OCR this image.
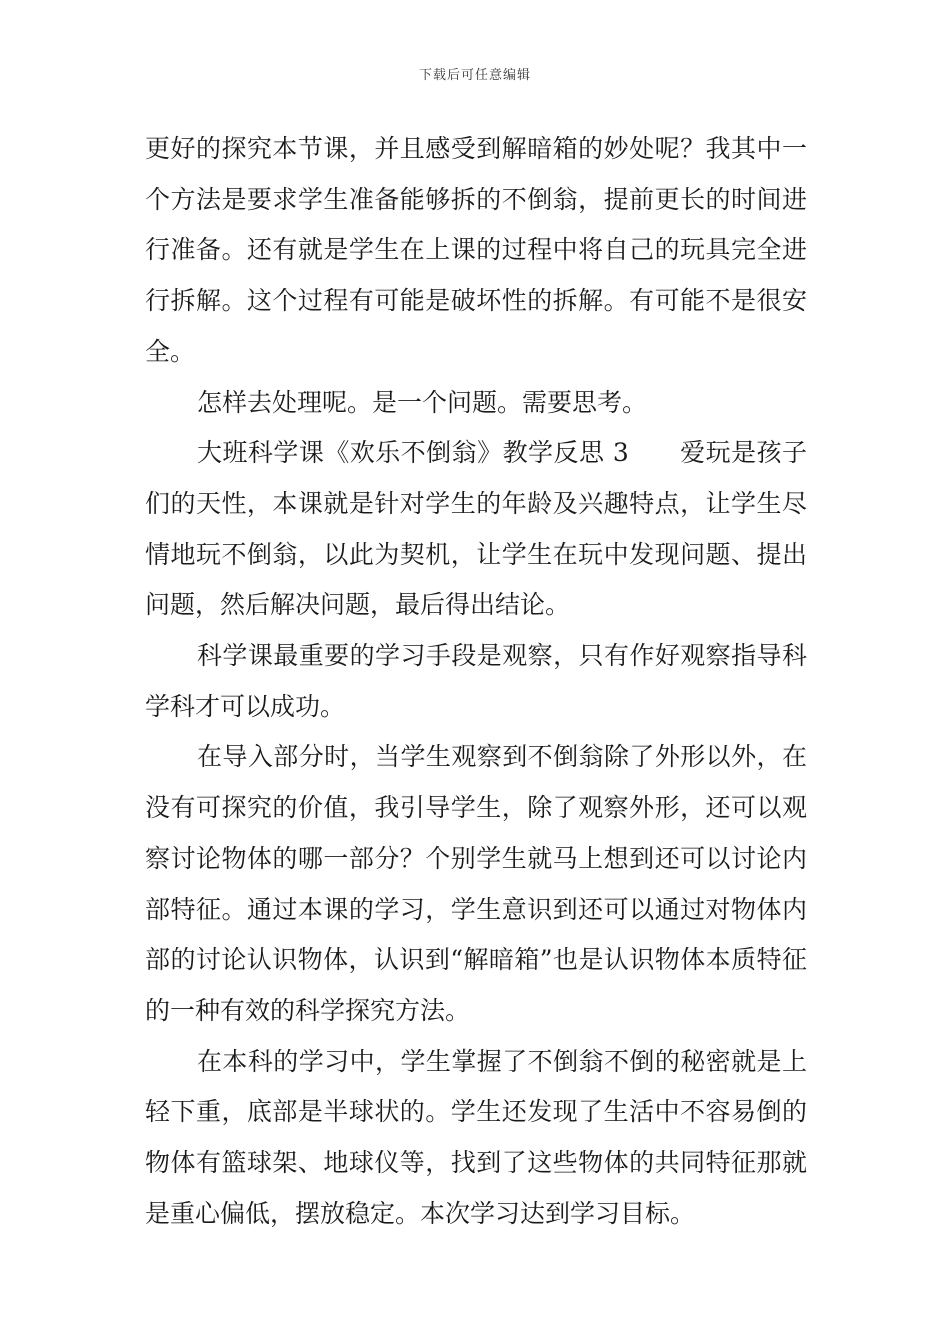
下载后可任意编辑

更好的探究本节课，并且感受到解暗箱的妙处呢？我其中一个方法是要求学生准备能够拆的不倒翁，提前更长的时间进行准备。还有就是学生在上课的过程中将自己的玩具完全进行拆解。这个过程有可能是破坏性的拆解。有可能不是很安全。

怎样去处理呢。是一个问题。需要思考。

大班科学课《欢乐不倒翁》教学反思 3　　爱玩是孩子们的天性，本课就是针对学生的年龄及兴趣特点，让学生尽情地玩不倒翁，以此为契机，让学生在玩中发现问题、提出问题，然后解决问题，最后得出结论。

科学课最重要的学习手段是观察，只有作好观察指导科学科才可以成功。

在导入部分时，当学生观察到不倒翁除了外形以外，在没有可探究的价值，我引导学生，除了观察外形，还可以观察讨论物体的哪一部分？个别学生就马上想到还可以讨论内部特征。通过本课的学习，学生意识到还可以通过对物体内部的讨论认识物体，认识到“解暗箱”也是认识物体本质特征的一种有效的科学探究方法。

在本科的学习中，学生掌握了不倒翁不倒的秘密就是上轻下重，底部是半球状的。学生还发现了生活中不容易倒的物体有篮球架、地球仪等，找到了这些物体的共同特征那就是重心偏低，摆放稳定。本次学习达到学习目标。
